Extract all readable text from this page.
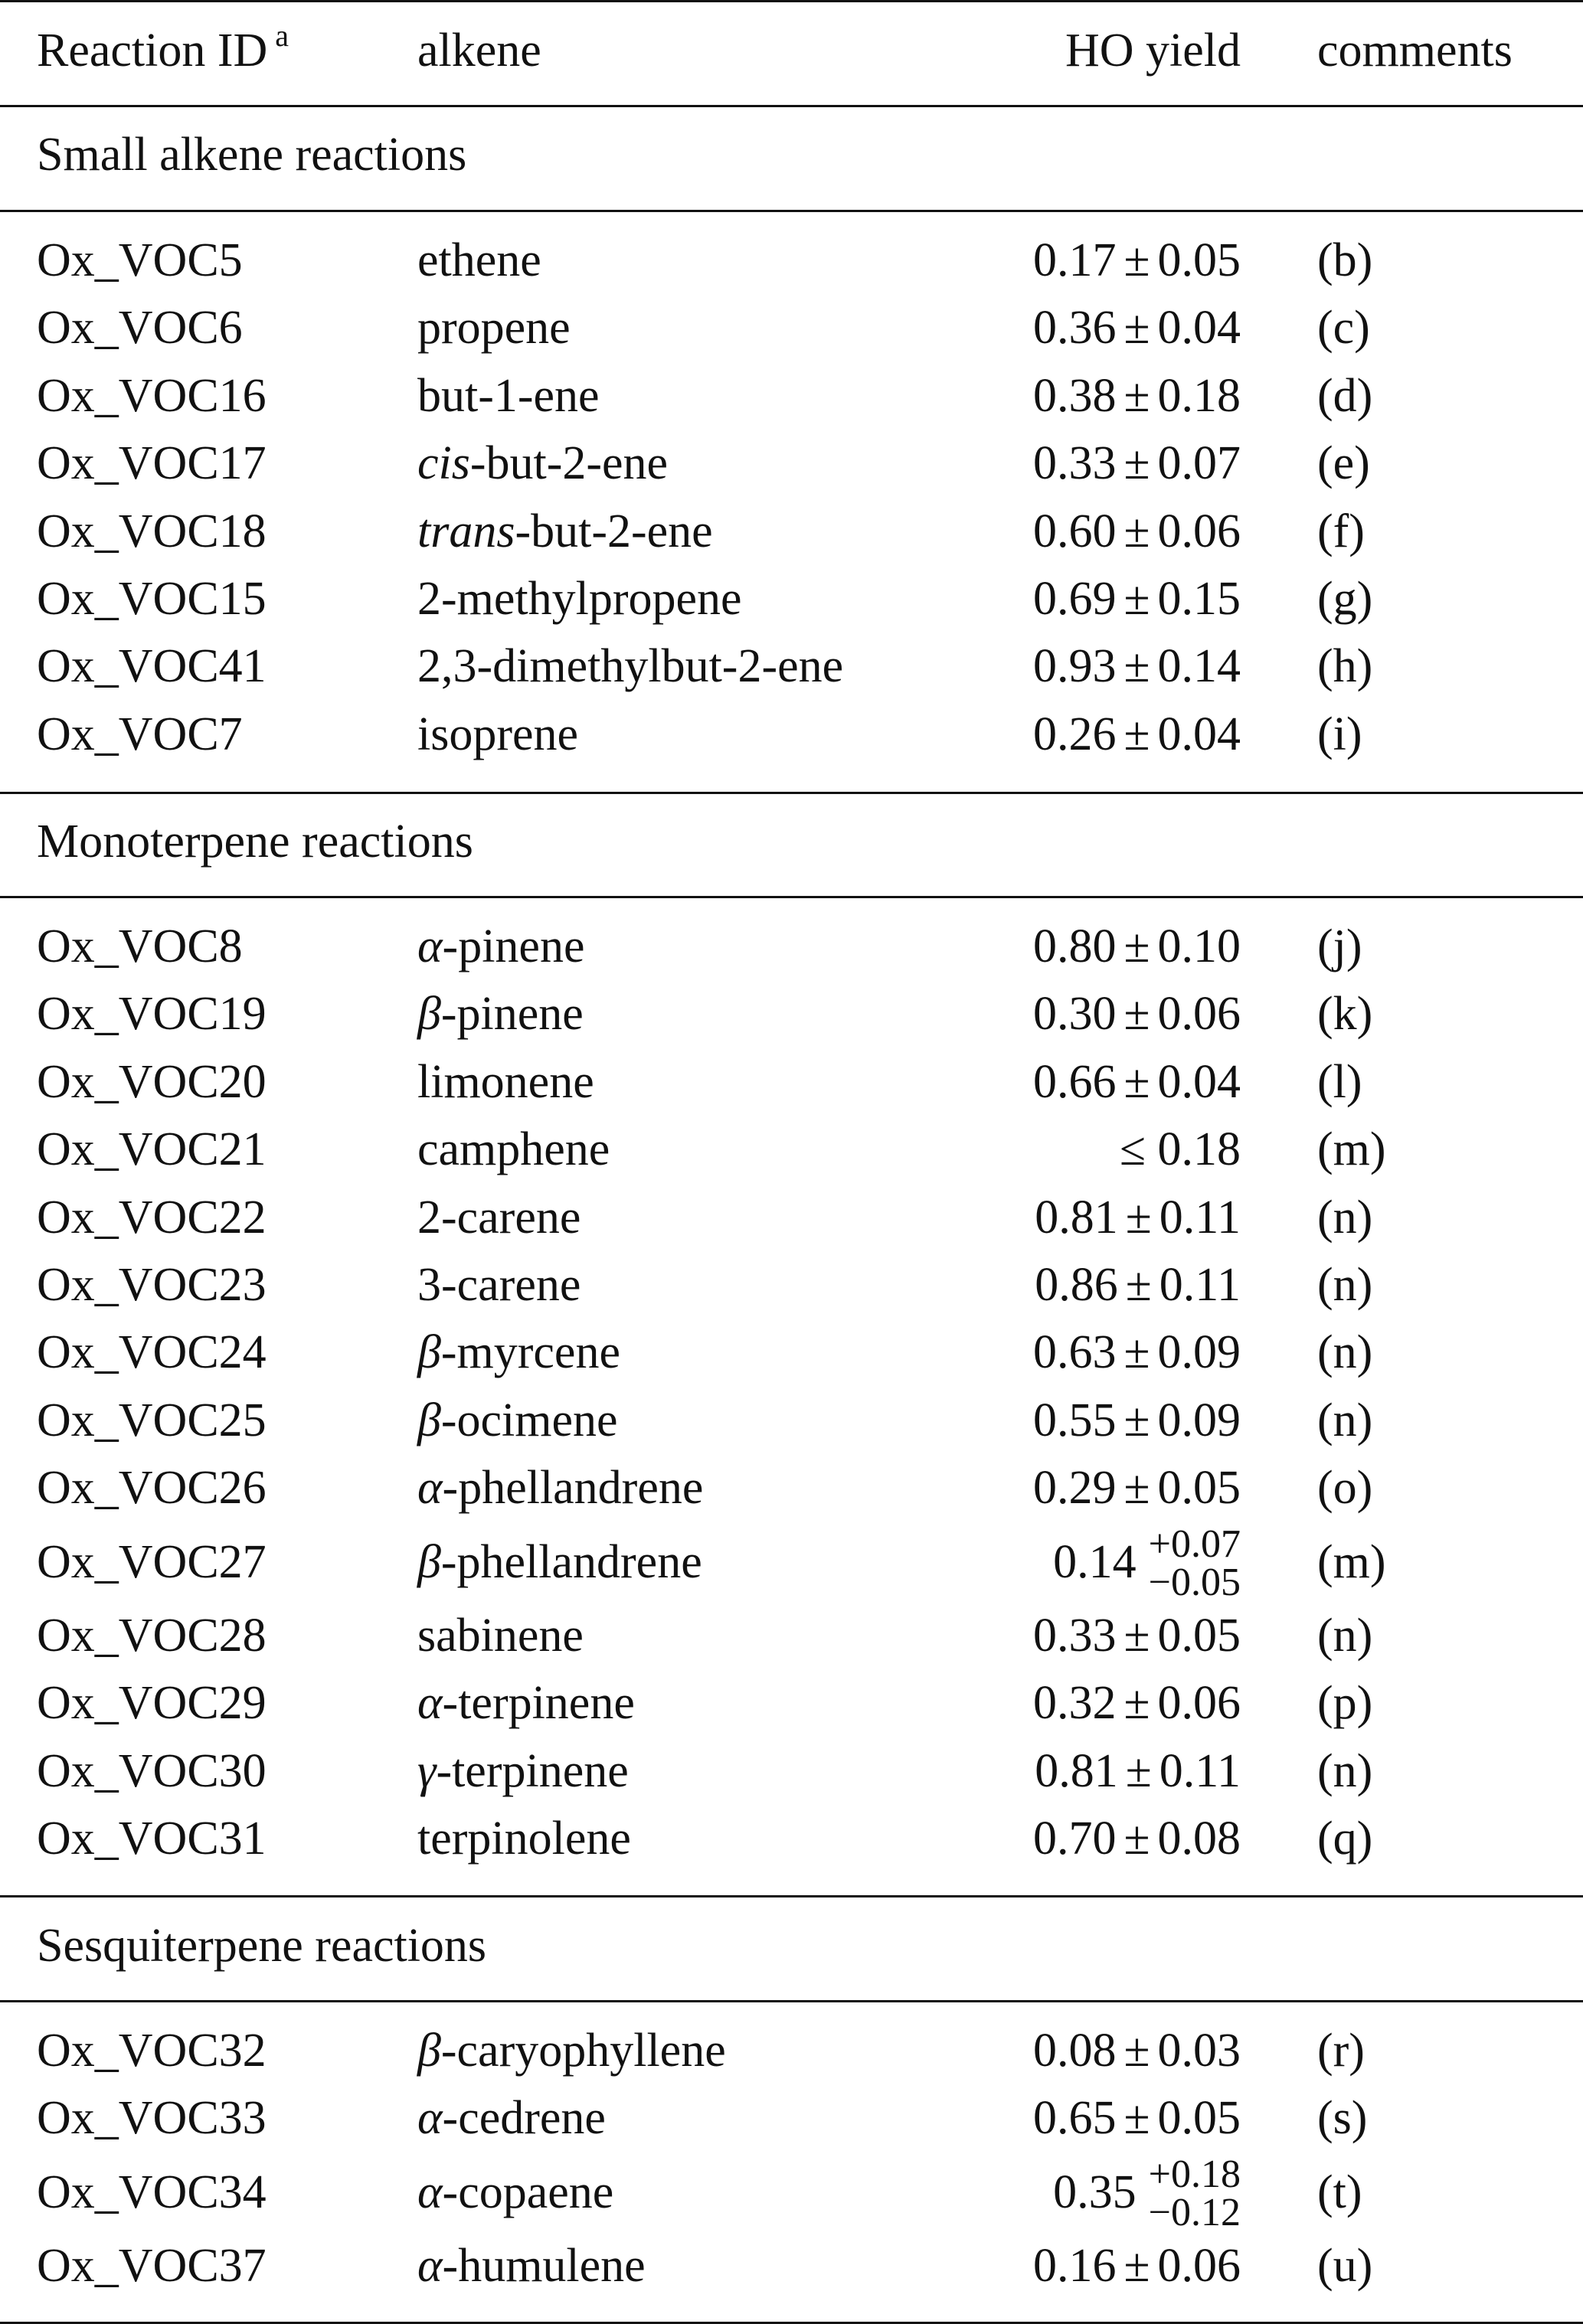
Reaction ID $^a$	alkene	HO yield comments
Small alkene reactions
Ox_VOC5	ethene	0.17 ± 0.05 (b)
Ox_VOC6	propene	0.36 ± 0.04 (c)
Ox_VOC16	but-1-ene	0.38 ± 0.18 (d)
Ox_VOC17	cis-but-2-ene	0.33 ± 0.07 (e)
Ox_VOC18	trans-but-2-ene	0.60 ± 0.06 (f)
Ox_VOC15	2-methylpropene	0.69 ± 0.15 (g)
Ox_VOC41	2,3-dimethylbut-2-ene	0.93 ± 0.14 (h)
Ox_VOC7	isoprene	0.26 ± 0.04 (i)
Monoterpene reactions
Ox_VOC8	α-pinene	0.80 ± 0.10 (j)
Ox_VOC19	β-pinene	0.30 ± 0.06 (k)
Ox_VOC20	limonene	0.66 ± 0.04 (l)
Ox_VOC21	camphene	≤ 0.18 (m)
Ox_VOC22	2-carene	0.81 ± 0.11 (n)
Ox_VOC23	3-carene	0.86 ± 0.11 (n)
Ox_VOC24	β-myrcene	0.63 ± 0.09 (n)
Ox_VOC25	β-ocimene	0.55 ± 0.09 (n)
Ox_VOC26	α-phellandrene	0.29 ± 0.05 (o)
Ox_VOC27	β-phellandrene	0.14 +0.07
−0.05 (m)
Ox_VOC28	sabinene	0.33 ± 0.05 (n)
Ox_VOC29	α-terpinene	0.32 ± 0.06 (p)
Ox_VOC30	γ-terpinene	0.81 ± 0.11 (n)
Ox_VOC31	terpinolene	0.70 ± 0.08 (q)
Sesquiterpene reactions
Ox_VOC32	β-caryophyllene	0.08 ± 0.03 (r)
Ox_VOC33	α-cedrene	0.65 ± 0.05 (s)
Ox_VOC34	α-copaene	0.35 +0.18
−0.12 (t)
Ox_VOC37	α-humulene	0.16 ± 0.06 (u)
